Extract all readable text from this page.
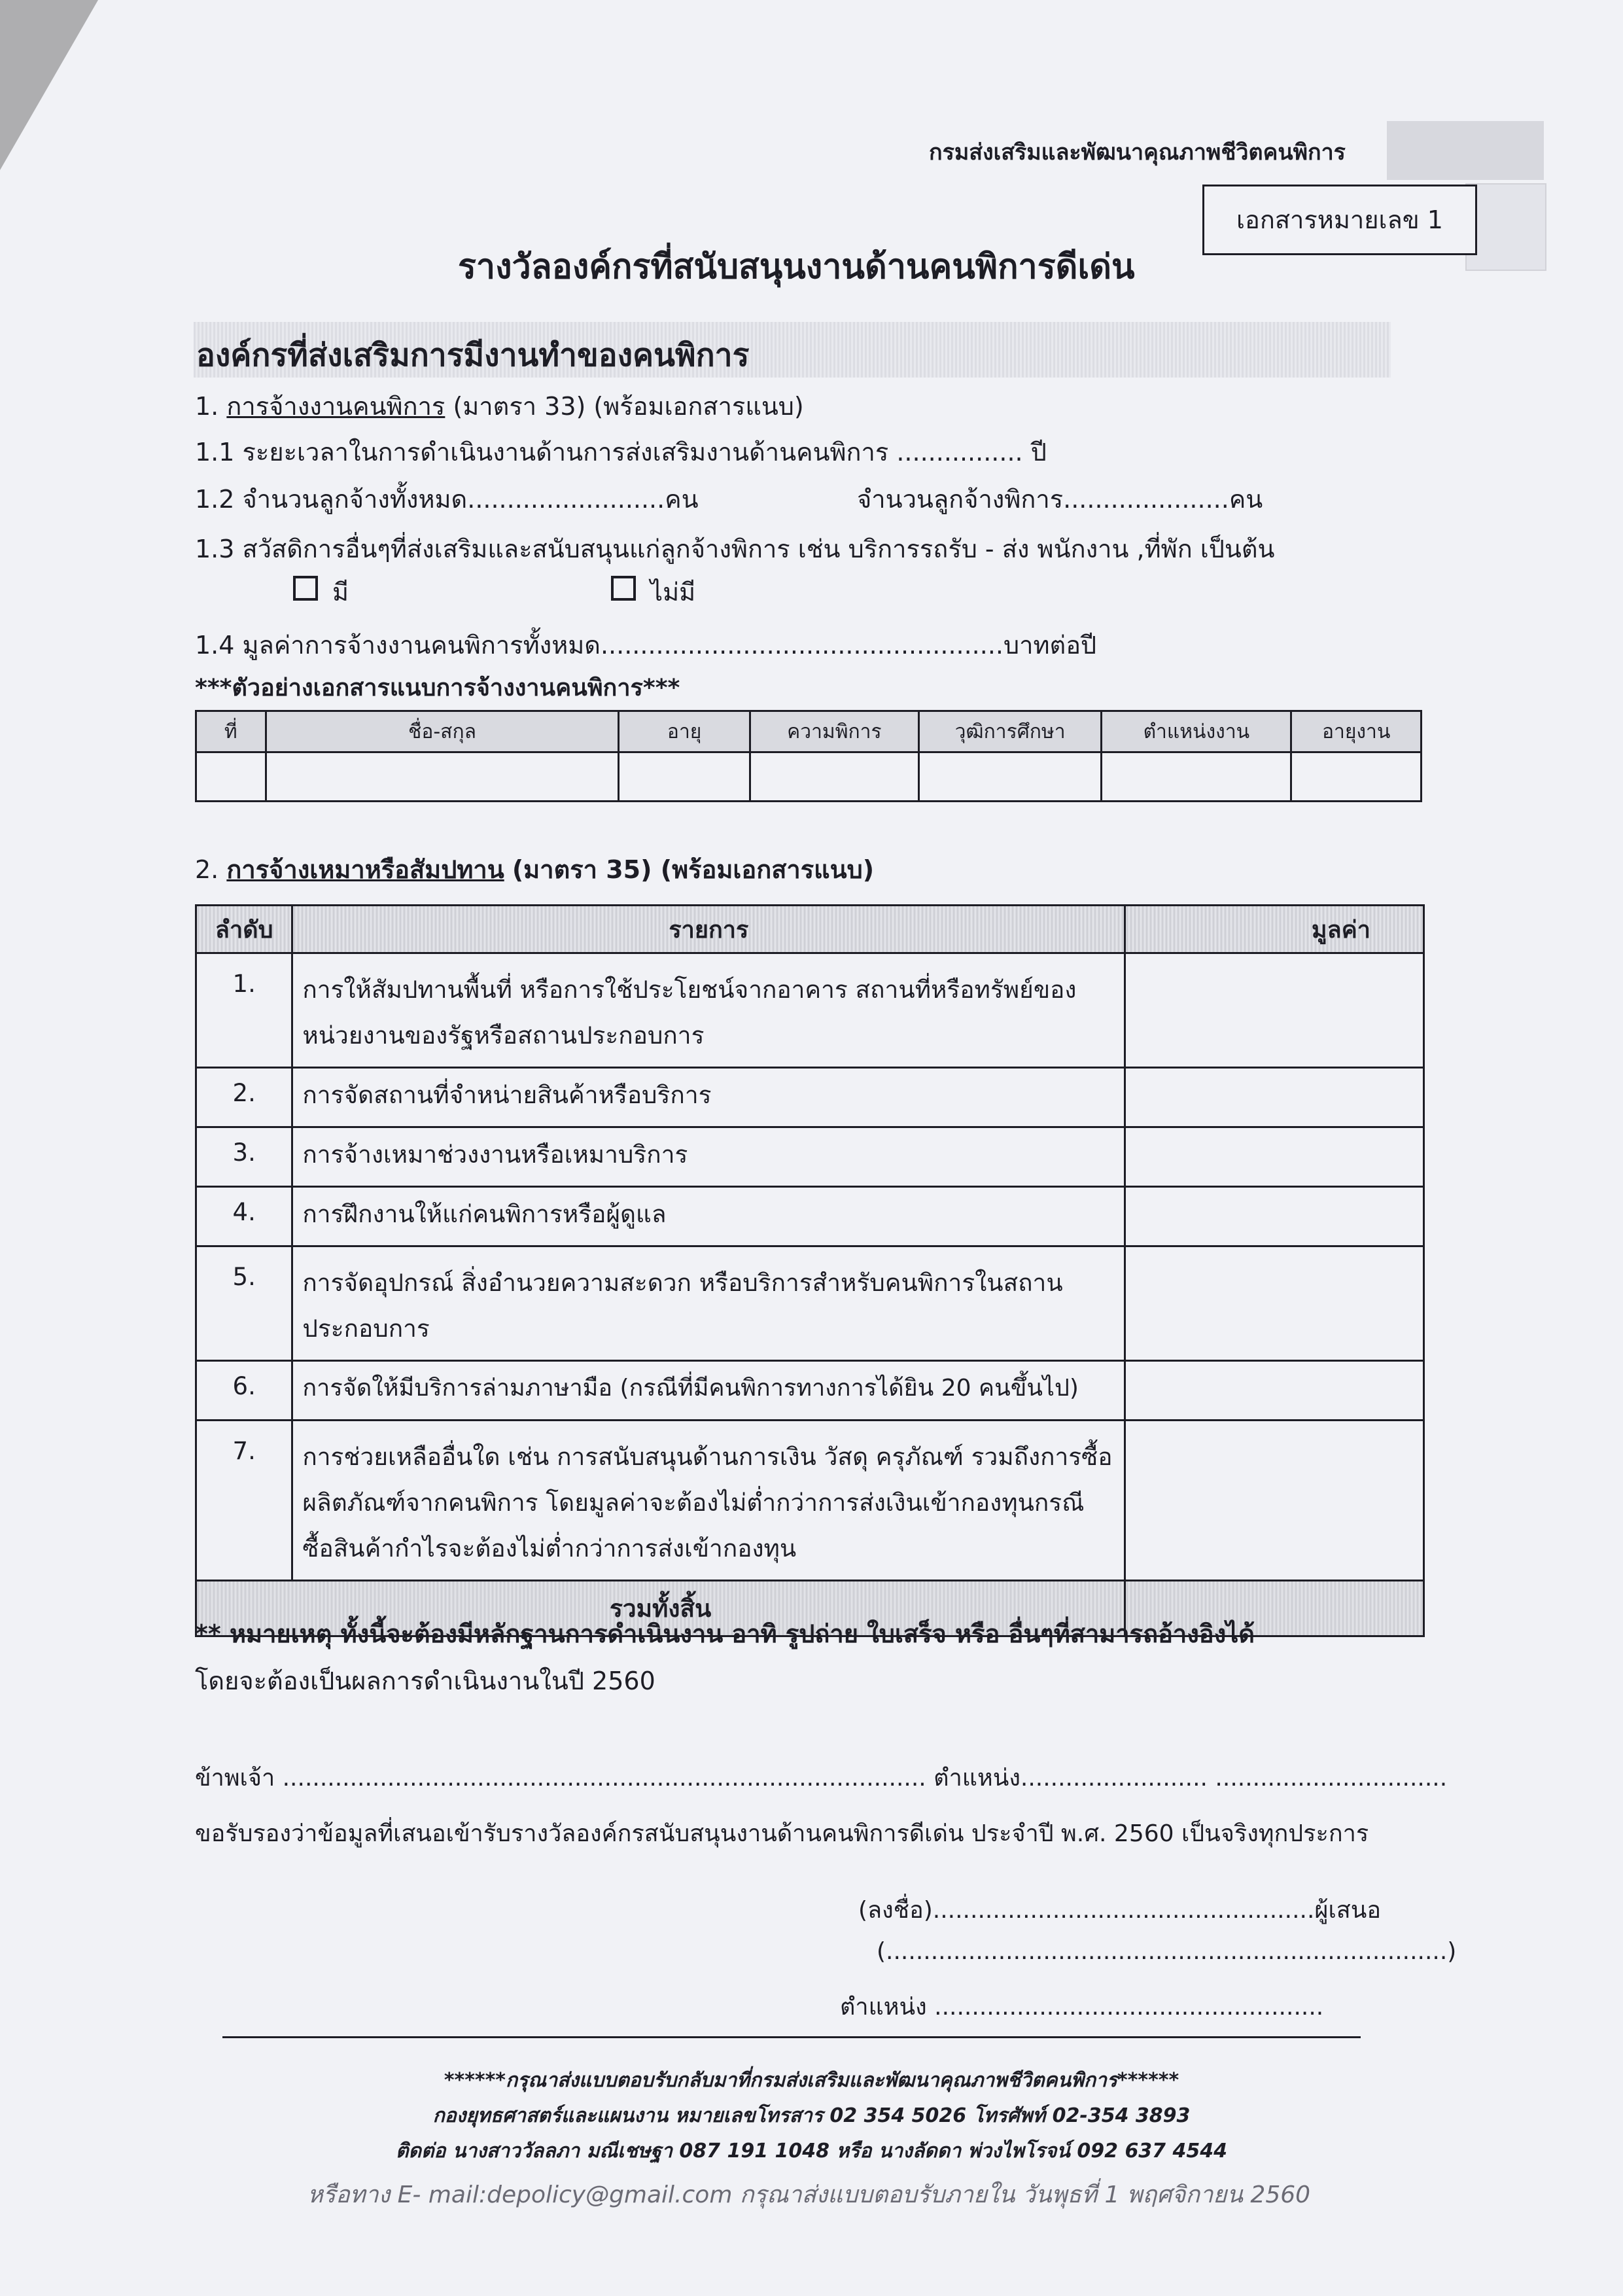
กรมส่งเสริมและพัฒนาคุณภาพชีวิตคนพิการ
เอกสารหมายเลข 1
รางวัลองค์กรที่สนับสนุนงานด้านคนพิการดีเด่น
องค์กรที่ส่งเสริมการมีงานทำของคนพิการ
1. การจ้างงานคนพิการ (มาตรา 33) (พร้อมเอกสารแนบ)
1.1 ระยะเวลาในการดำเนินงานด้านการส่งเสริมงานด้านคนพิการ ................ ปี
1.2 จำนวนลูกจ้างทั้งหมด.........................คน	จำนวนลูกจ้างพิการ.....................คน
1.3 สวัสดิการอื่นๆที่ส่งเสริมและสนับสนุนแก่ลูกจ้างพิการ เช่น บริการรถรับ - ส่ง พนักงาน ,ที่พัก เป็นต้น
มี	ไม่มี
1.4 มูลค่าการจ้างงานคนพิการทั้งหมด...................................................บาทต่อปี
***ตัวอย่างเอกสารแนบการจ้างงานคนพิการ***
ที่	ชื่อ-สกุล	อายุ	ความพิการ	วุฒิการศึกษา	ตำแหน่งงาน	อายุงาน

2. การจ้างเหมาหรือสัมปทาน (มาตรา 35) (พร้อมเอกสารแนบ)
ลำดับ	รายการ	มูลค่า
1.	การให้สัมปทานพื้นที่ หรือการใช้ประโยชน์จากอาคาร สถานที่หรือทรัพย์ของหน่วยงานของรัฐหรือสถานประกอบการ	
2.	การจัดสถานที่จำหน่ายสินค้าหรือบริการ	
3.	การจ้างเหมาช่วงงานหรือเหมาบริการ	
4.	การฝึกงานให้แก่คนพิการหรือผู้ดูแล	
5.	การจัดอุปกรณ์ สิ่งอำนวยความสะดวก หรือบริการสำหรับคนพิการในสถานประกอบการ	
6.	การจัดให้มีบริการล่ามภาษามือ (กรณีที่มีคนพิการทางการได้ยิน 20 คนขึ้นไป)	
7.	การช่วยเหลืออื่นใด เช่น การสนับสนุนด้านการเงิน วัสดุ ครุภัณฑ์ รวมถึงการซื้อผลิตภัณฑ์จากคนพิการ โดยมูลค่าจะต้องไม่ต่ำกว่าการส่งเงินเข้ากองทุนกรณีซื้อสินค้ากำไรจะต้องไม่ต่ำกว่าการส่งเข้ากองทุน	
รวมทั้งสิ้น		
** หมายเหตุ ทั้งนี้จะต้องมีหลักฐานการดำเนินงาน อาทิ รูปถ่าย ใบเสร็จ หรือ อื่นๆที่สามารถอ้างอิงได้
โดยจะต้องเป็นผลการดำเนินงานในปี 2560
ข้าพเจ้า ...................................................................................... ตำแหน่ง......................... ...............................
ขอรับรองว่าข้อมูลที่เสนอเข้ารับรางวัลองค์กรสนับสนุนงานด้านคนพิการดีเด่น ประจำปี พ.ศ. 2560 เป็นจริงทุกประการ
(ลงชื่อ)...................................................ผู้เสนอ
(...........................................................................)
ตำแหน่ง ....................................................
******กรุณาส่งแบบตอบรับกลับมาที่กรมส่งเสริมและพัฒนาคุณภาพชีวิตคนพิการ******
กองยุทธศาสตร์และแผนงาน หมายเลขโทรสาร 02 354 5026 โทรศัพท์ 02-354 3893
ติดต่อ นางสาววัลลภา มณีเชษฐา 087 191 1048 หรือ นางลัดดา พ่วงไพโรจน์ 092 637 4544
หรือทาง E- mail:depolicy@gmail.com กรุณาส่งแบบตอบรับภายใน วันพุธที่ 1 พฤศจิกายน 2560
